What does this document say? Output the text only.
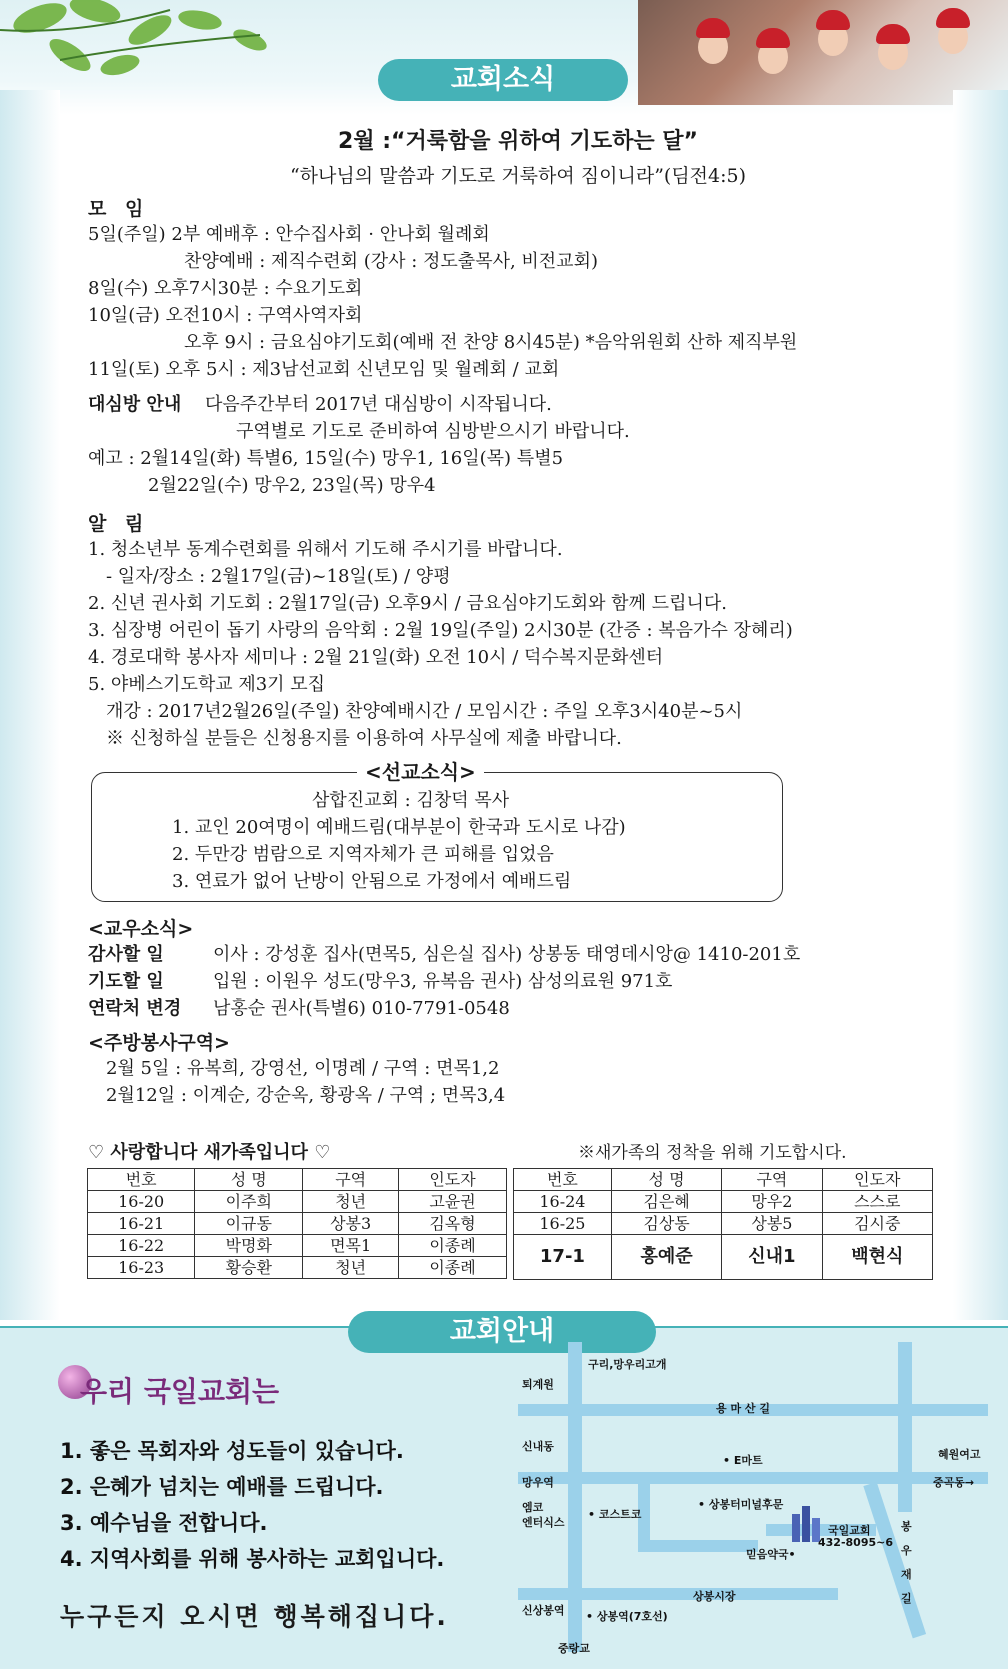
교회소식
2월 :“거룩함을 위하여 기도하는 달”
“하나님의 말씀과 기도로 거룩하여 짐이니라”(딤전4:5)
모 임
5일(주일) 2부 예배후 : 안수집사회 · 안나회 월례회
찬양예배 : 제직수련회 (강사 : 정도출목사, 비전교회)
8일(수) 오후7시30분 : 수요기도회
10일(금) 오전10시 : 구역사역자회
오후 9시 : 금요심야기도회(예배 전 찬양 8시45분) *음악위원회 산하 제직부원
11일(토) 오후 5시 : 제3남선교회 신년모임 및 월례회 / 교회
대심방 안내 다음주간부터 2017년 대심방이 시작됩니다.
구역별로 기도로 준비하여 심방받으시기 바랍니다.
예고 : 2월14일(화) 특별6, 15일(수) 망우1, 16일(목) 특별5
2월22일(수) 망우2, 23일(목) 망우4
알 림
1. 청소년부 동계수련회를 위해서 기도해 주시기를 바랍니다.
- 일자/장소 : 2월17일(금)~18일(토) / 양평
2. 신년 권사회 기도회 : 2월17일(금) 오후9시 / 금요심야기도회와 함께 드립니다.
3. 심장병 어린이 돕기 사랑의 음악회 : 2월 19일(주일) 2시30분 (간증 : 복음가수 장혜리)
4. 경로대학 봉사자 세미나 : 2월 21일(화) 오전 10시 / 덕수복지문화센터
5. 야베스기도학교 제3기 모집
개강 : 2017년2월26일(주일) 찬양예배시간 / 모임시간 : 주일 오후3시40분~5시
※ 신청하실 분들은 신청용지를 이용하여 사무실에 제출 바랍니다.
<선교소식>
삼합진교회 : 김창덕 목사
1. 교인 20여명이 예배드림(대부분이 한국과 도시로 나감)
2. 두만강 범람으로 지역자체가 큰 피해를 입었음
3. 연료가 없어 난방이 안됨으로 가정에서 예배드림
<교우소식>
감사할 일	이사 : 강성훈 집사(면목5, 심은실 집사) 상봉동 태영데시앙@ 1410-201호
기도할 일	입원 : 이원우 성도(망우3, 유복음 권사) 삼성의료원 971호
연락처 변경 남홍순 권사(특별6) 010-7791-0548
<주방봉사구역>
2월 5일 : 유복희, 강영선, 이명례 / 구역 : 면목1,2
2월12일 : 이계순, 강순옥, 황광옥 / 구역 ; 면목3,4
♡ 사랑합니다 새가족입니다 ♡	※새가족의 정착을 위해 기도합시다.
번호	성 명	구역	인도자
16-20	이주희	청년	고윤권
16-21	이규동	상봉3	김옥형
16-22	박명화	면목1	이종례
16-23	황승환	청년	이종례
번호	성 명	구역	인도자
16-24	김은혜	망우2	스스로
16-25	김상동	상봉5	김시중
17-1	홍예준	신내1	백현식
교회안내
우리 국일교회는
1. 좋은 목회자와 성도들이 있습니다.
2. 은혜가 넘치는 예배를 드립니다.
3. 예수님을 전합니다.
4. 지역사회를 위해 봉사하는 교회입니다.
누구든지 오시면 행복해집니다.
퇴계원
구리,망우리고개
용 마 산 길
신내동
• E마트	혜원여고
망우역	중곡동→
엠코
엔터식스
• 코스트코
• 상봉터미널후문
국일교회
432-8095~6
믿음약국•
봉
우
재
길
상봉시장
신상봉역 • 상봉역(7호선)
중랑교
